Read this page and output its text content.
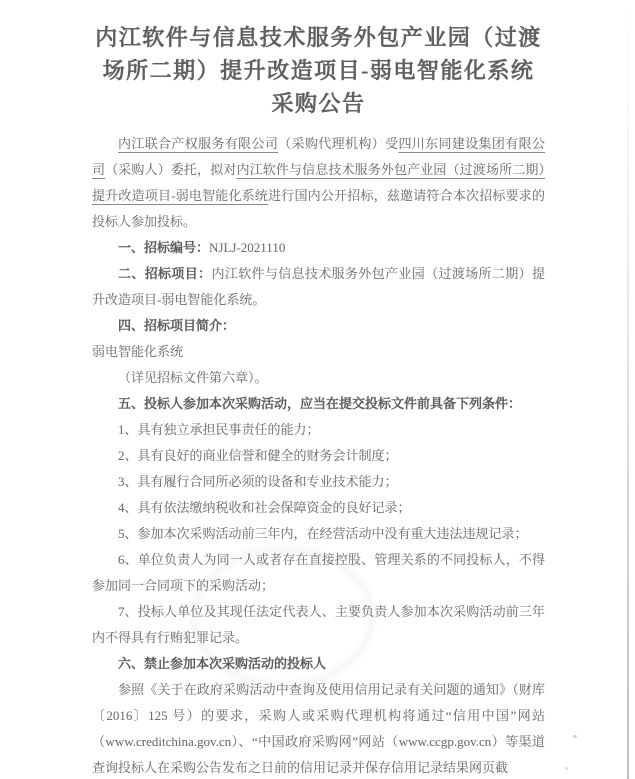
内江软件与信息技术服务外包产业园（过渡
场所二期）提升改造项目-弱电智能化系统
采购公告

内江联合产权服务有限公司（采购代理机构）受四川东同建设集团有限公司（采购人）委托，拟对内江软件与信息技术服务外包产业园（过渡场所二期）提升改造项目-弱电智能化系统进行国内公开招标，兹邀请符合本次招标要求的投标人参加投标。

一、招标编号：NJLJ-2021110

二、招标项目：内江软件与信息技术服务外包产业园（过渡场所二期）提升改造项目-弱电智能化系统。

四、招标项目简介：

弱电智能化系统

（详见招标文件第六章）。

五、投标人参加本次采购活动，应当在提交投标文件前具备下列条件：

1、具有独立承担民事责任的能力；

2、具有良好的商业信誉和健全的财务会计制度；

3、具有履行合同所必须的设备和专业技术能力；

4、具有依法缴纳税收和社会保障资金的良好记录；

5、参加本次采购活动前三年内，在经营活动中没有重大违法违规记录；

6、单位负责人为同一人或者存在直接控股、管理关系的不同投标人，不得参加同一合同项下的采购活动；

7、投标人单位及其现任法定代表人、主要负责人参加本次采购活动前三年内不得具有行贿犯罪记录。

六、禁止参加本次采购活动的投标人

参照《关于在政府采购活动中查询及使用信用记录有关问题的通知》（财库〔2016〕125 号）的要求，采购人或采购代理机构将通过“信用中国”网站（www.creditchina.gov.cn）、“中国政府采购网”网站（www.ccgp.gov.cn）等渠道查询投标人在采购公告发布之日前的信用记录并保存信用记录结果网页截
